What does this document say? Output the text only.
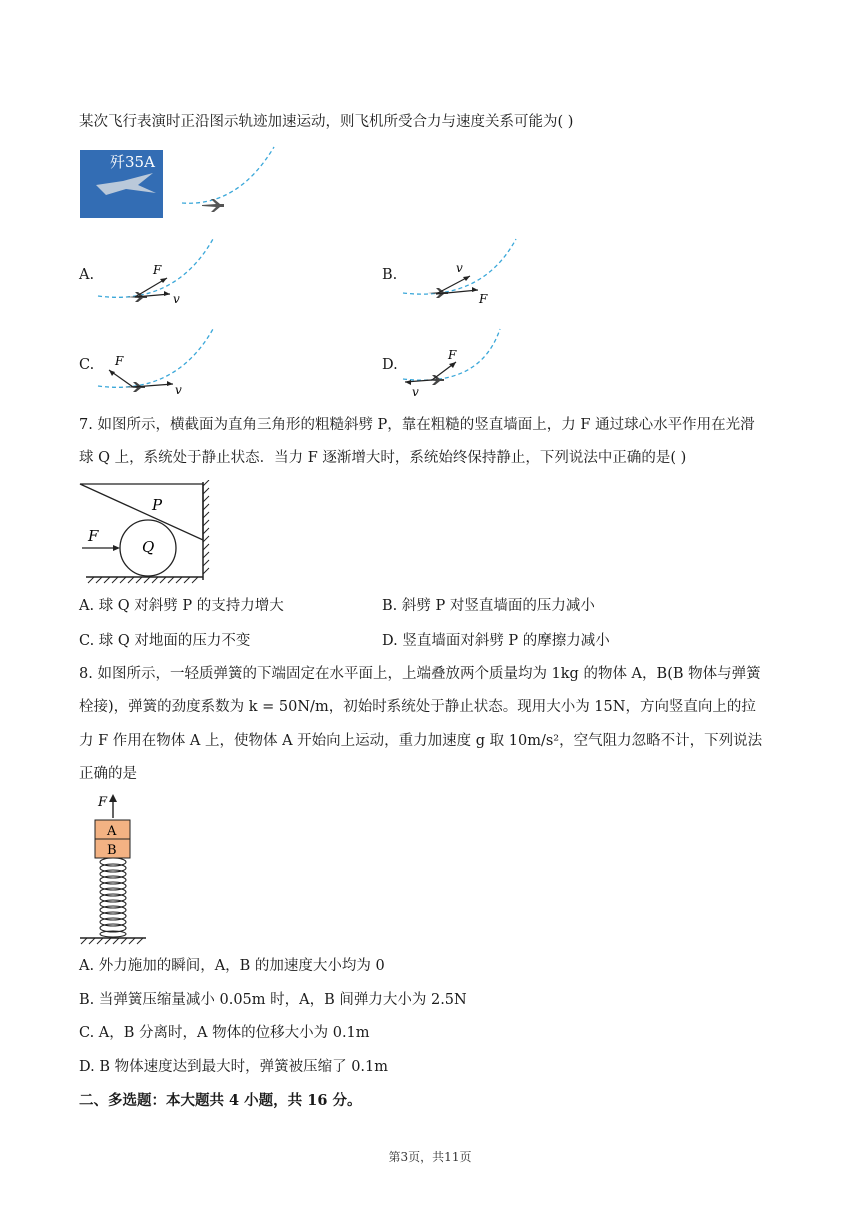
某次飞行表演时正沿图示轨迹加速运动，则飞机所受合力与速度关系可能为( )
歼35A
A.	F
v
B.	v
F
C. F
v
D.
F
v
7. 如图所示，横截面为直角三角形的粗糙斜劈 P，靠在粗糙的竖直墙面上，力 F 通过球心水平作用在光滑
球 Q 上，系统处于静止状态．当力 F 逐渐增大时，系统始终保持静止，下列说法中正确的是( )
P
Q
F
A. 球 Q 对斜劈 P 的支持力增大	B. 斜劈 P 对竖直墙面的压力减小
C. 球 Q 对地面的压力不变	D. 竖直墙面对斜劈 P 的摩擦力减小
8. 如图所示，一轻质弹簧的下端固定在水平面上，上端叠放两个质量均为 1kg 的物体 A，B(B 物体与弹簧
栓接)，弹簧的劲度系数为 k = 50N/m，初始时系统处于静止状态。现用大小为 15N，方向竖直向上的拉
力 F 作用在物体 A 上，使物体 A 开始向上运动，重力加速度 g 取 10m/s²，空气阻力忽略不计，下列说法
正确的是
F
A
B
A. 外力施加的瞬间，A，B 的加速度大小均为 0
B. 当弹簧压缩量减小 0.05m 时，A，B 间弹力大小为 2.5N
C. A，B 分离时，A 物体的位移大小为 0.1m
D. B 物体速度达到最大时，弹簧被压缩了 0.1m
二、多选题：本大题共 4 小题，共 16 分。
第3页，共11页
